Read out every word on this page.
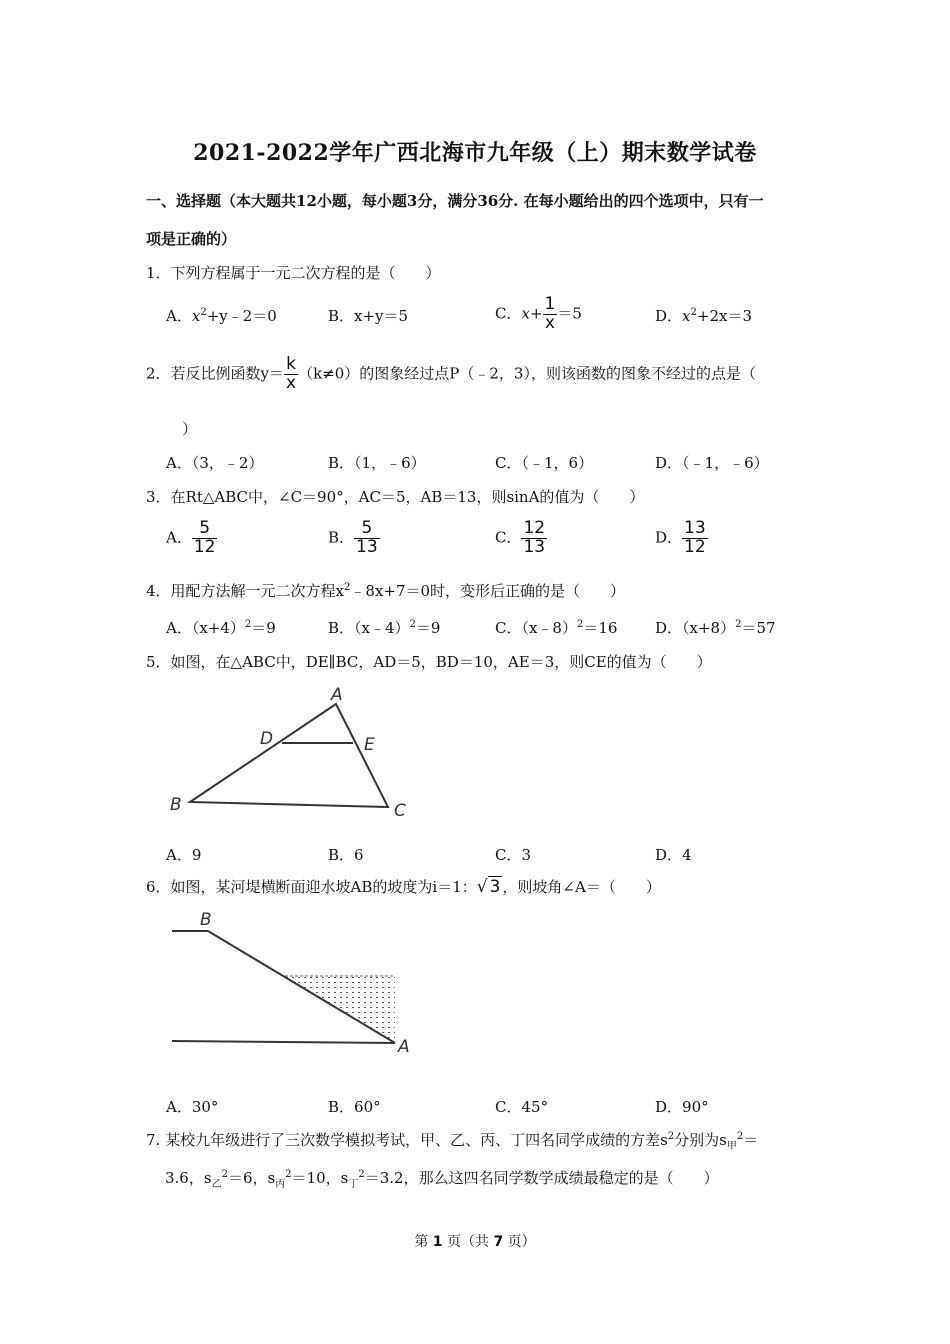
2021-2022学年广西北海市九年级（上）期末数学试卷
一、选择题（本大题共12小题，每小题3分，满分36分. 在每小题给出的四个选项中，只有一
项是正确的）
1．下列方程属于一元二次方程的是（　　）
A．$x^2+y﹣2=0$	B．x+y＝5	C．$x+ \frac{1}{x} =5$	D．$x^2+2x=3$
2．若反比例函数$y= \frac{k}{x} (k\ne 0)$的图象经过点P（﹣2，3），则该函数的图象不经过的点是（
）
A．（3，﹣2）	B．（1，﹣6）	C．（﹣1，6）	D．（﹣1，﹣6）
3．在Rt△ABC中，∠C＝90°，AC＝5，AB＝13，则sinA的值为（　　）
A． $\frac{5}{12}$	B． $\frac{5}{13}$	C． $\frac{12}{13}$	D． $\frac{13}{12}$
4．用配方法解一元二次方程$x^2﹣8x+7=0$时，变形后正确的是（　　）
A．$(x+4)^2=9$	B．（x﹣4）$^2$＝9	C．（x﹣8）$^2$＝16	D．$(x+8)^2=57$
5．如图，在△ABC中，DE∥BC，AD＝5，BD＝10，AE＝3，则CE的值为（　　）
A
D	E
B	C
A．9	B．6	C．3	D．4
6．如图，某河堤横断面迎水坡AB的坡度为i＝1：√ 3 ，则坡角∠A＝（　　）
B
A
A．30°	B．60°	C．45°	D．90°
7. 某校九年级进行了三次数学模拟考试，甲、乙、丙、丁四名同学成绩的方差$s^2$分别为$s_甲^2=$
3.6，$s_乙^2=6$，$s_丙^2=10$，$s_丁^2=3.2$，那么这四名同学数学成绩最稳定的是（　　）
第 1 页（共 7 页）
